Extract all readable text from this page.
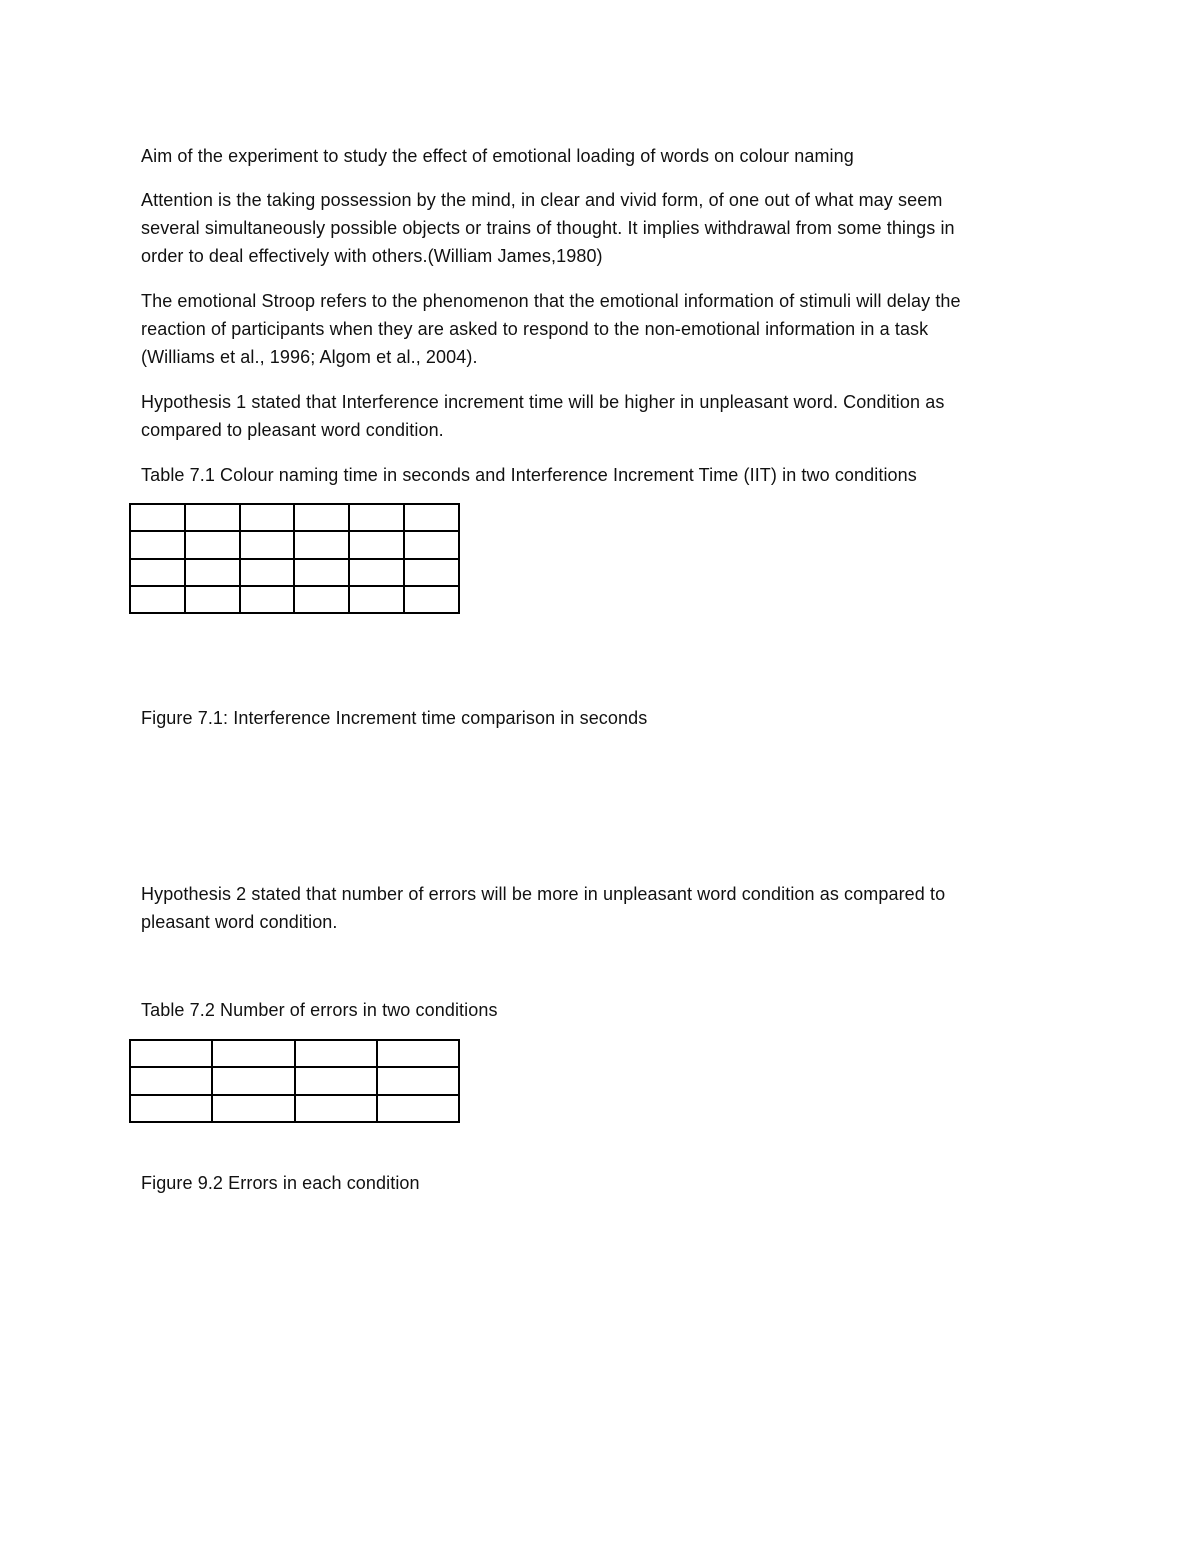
Aim of the experiment to study the effect of emotional loading of words on colour naming

Attention is the taking possession by the mind, in clear and vivid form, of one out of what may seem
several simultaneously possible objects or trains of thought. It implies withdrawal from some things in
order to deal effectively with others.(William James,1980)
The emotional Stroop refers to the phenomenon that the emotional information of stimuli will delay the
reaction of participants when they are asked to respond to the non-emotional information in a task
(Williams et al., 1996; Algom et al., 2004).
Hypothesis 1 stated that Interference increment time will be higher in unpleasant word. Condition as
compared to pleasant word condition.

Table 7.1 Colour naming time in seconds and Interference Increment Time (IIT) in two conditions

Figure 7.1: Interference Increment time comparison in seconds

Hypothesis 2 stated that number of errors will be more in unpleasant word condition as compared to
pleasant word condition.

Table 7.2 Number of errors in two conditions

Figure 9.2 Errors in each condition
